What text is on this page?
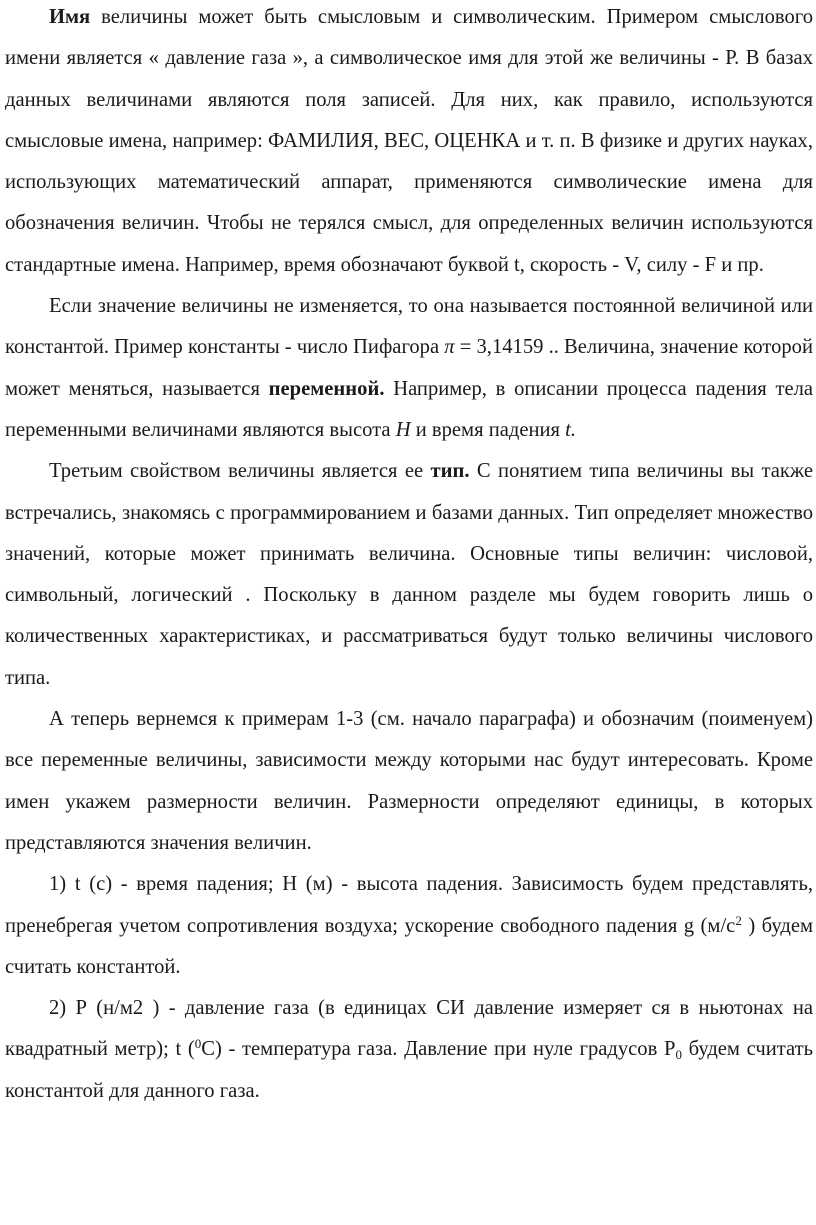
Имя величины может быть смысловым и символическим. Примером смыслового имени является « давление газа », а символическое имя для этой же величины - Р. В базах данных величинами являются поля записей. Для них, как правило, используются смысловые имена, например: ФАМИЛИЯ, ВЕС, ОЦЕНКА и т. п. В физике и других науках, использующих математический аппарат, применяются символические имена для обозначения величин. Чтобы не терялся смысл, для определенных величин используются стандартные имена. Например, время обозначают буквой t, скорость - V, силу - F и пр.

Если значение величины не изменяется, то она называется постоянной величиной или константой. Пример константы - число Пифагора π = 3,14159 .. Величина, значение которой может меняться, называется переменной. Например, в описании процесса падения тела переменными величинами являются высота H и время падения t.

Третьим свойством величины является ее тип. С понятием типа величины вы также встречались, знакомясь с программированием и базами данных. Тип определяет множество значений, которые может принимать величина. Основные типы величин: числовой, символьный, логический . Поскольку в данном разделе мы будем говорить лишь о количественных характеристиках, и рассматриваться будут только величины числового типа.

А теперь вернемся к примерам 1-3 (см. начало параграфа) и обозначим (поименуем) все переменные величины, зависимости между которыми нас будут интересовать. Кроме имен укажем размерности величин. Размерности определяют единицы, в которых представляются значения величин.

1) t (с) - время падения; Н (м) - высота падения. Зависимость будем представлять, пренебрегая учетом сопротивления воздуха; ускорение свободного падения g ($м/с^2$ ) будем считать константой.

2) Р (н/м2 ) - давление газа (в единицах СИ давление измеряет ся в ньютонах на квадратный метр); t ($^0$С) - температура газа. Давление при нуле градусов $Р_0$ будем считать константой для данного газа.
